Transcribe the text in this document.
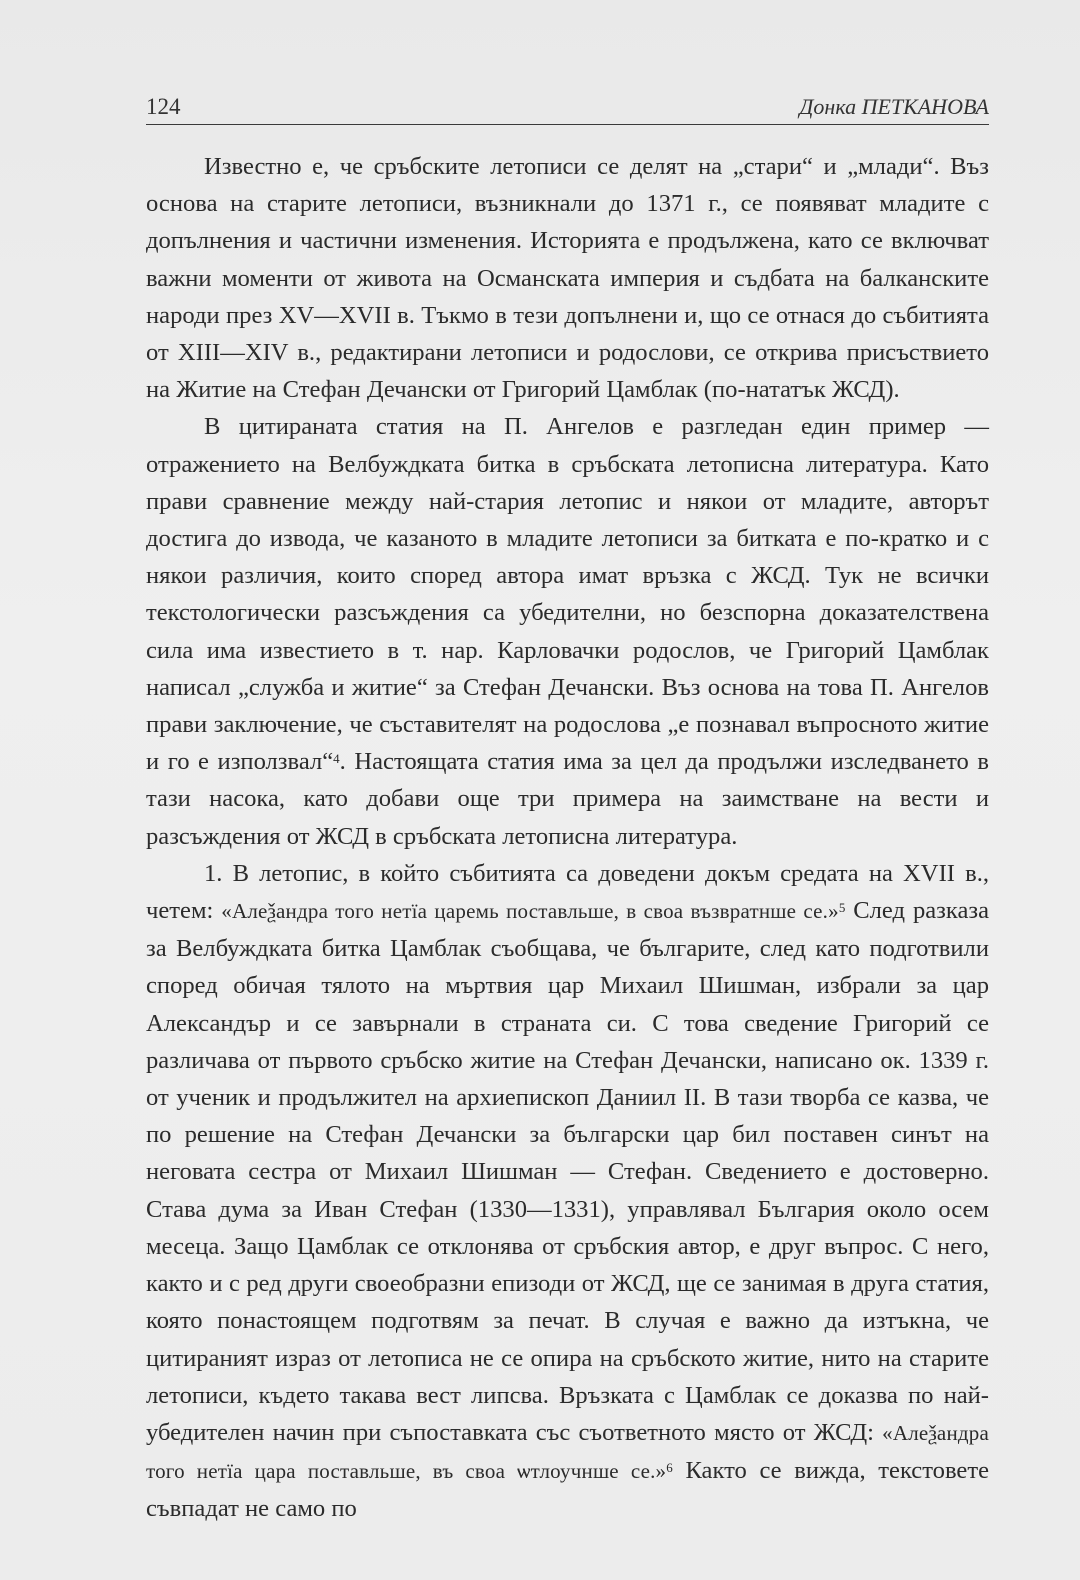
124	Донка ПЕТКАНОВА

Известно е, че сръбските летописи се делят на „стари“ и „млади“. Въз основа на старите летописи, възникнали до 1371 г., се появяват младите с допълнения и частични изменения. Историята е продължена, като се включват важни моменти от живота на Османската империя и съдбата на балканските народи през XV—XVII в. Тъкмо в тези допълнени и, що се отнася до събитията от XIII—XIV в., редактирани летописи и родослови, се открива присъствието на Житие на Стефан Дечански от Григорий Цамблак (по-нататък ЖСД).

В цитираната статия на П. Ангелов е разгледан един пример — отражението на Велбуждката битка в сръбската летописна литература. Като прави сравнение между най-стария летопис и някои от младите, авторът достига до извода, че казаното в младите летописи за битката е по-кратко и с някои различия, които според автора имат връзка с ЖСД. Тук не всички текстологически разсъждения са убедителни, но безспорна доказателствена сила има известието в т. нар. Карловачки родослов, че Григорий Цамблак написал „служба и житие“ за Стефан Дечански. Въз основа на това П. Ангелов прави заключение, че съставителят на родослова „е познавал въпросното житие и го е използвал“$^4$. Настоящата статия има за цел да продължи изследването в тази насока, като добави още три примера на заимстване на вести и разсъждения от ЖСД в сръбската летописна литература.

1. В летопис, в който събитията са доведени докъм средата на XVII в., четем: «Алеѯандра того нетїа царемь поставльше, в своа възвратнше се.»$^5$ След разказа за Велбуждката битка Цамблак съобщава, че българите, след като подготвили според обичая тялото на мъртвия цар Михаил Шишман, избрали за цар Александър и се завърнали в страната си. С това сведение Григорий се различава от първото сръбско житие на Стефан Дечански, написано ок. 1339 г. от ученик и продължител на архиепископ Даниил II. В тази творба се казва, че по решение на Стефан Дечански за български цар бил поставен синът на неговата сестра от Михаил Шишман — Стефан. Сведението е достоверно. Става дума за Иван Стефан (1330—1331), управлявал България около осем месеца. Защо Цамблак се отклонява от сръбския автор, е друг въпрос. С него, както и с ред други своеобразни епизоди от ЖСД, ще се занимая в друга статия, която понастоящем подготвям за печат. В случая е важно да изтъкна, че цитираният израз от летописа не се опира на сръбското житие, нито на старите летописи, където такава вест липсва. Връзката с Цамблак се доказва по най-убедителен начин при съпоставката със съответното място от ЖСД: «Алеѯандра того нетїа цара поставльше, въ своа ѡтлоучнше се.»$^6$ Както се вижда, текстовете съвпадат не само по
